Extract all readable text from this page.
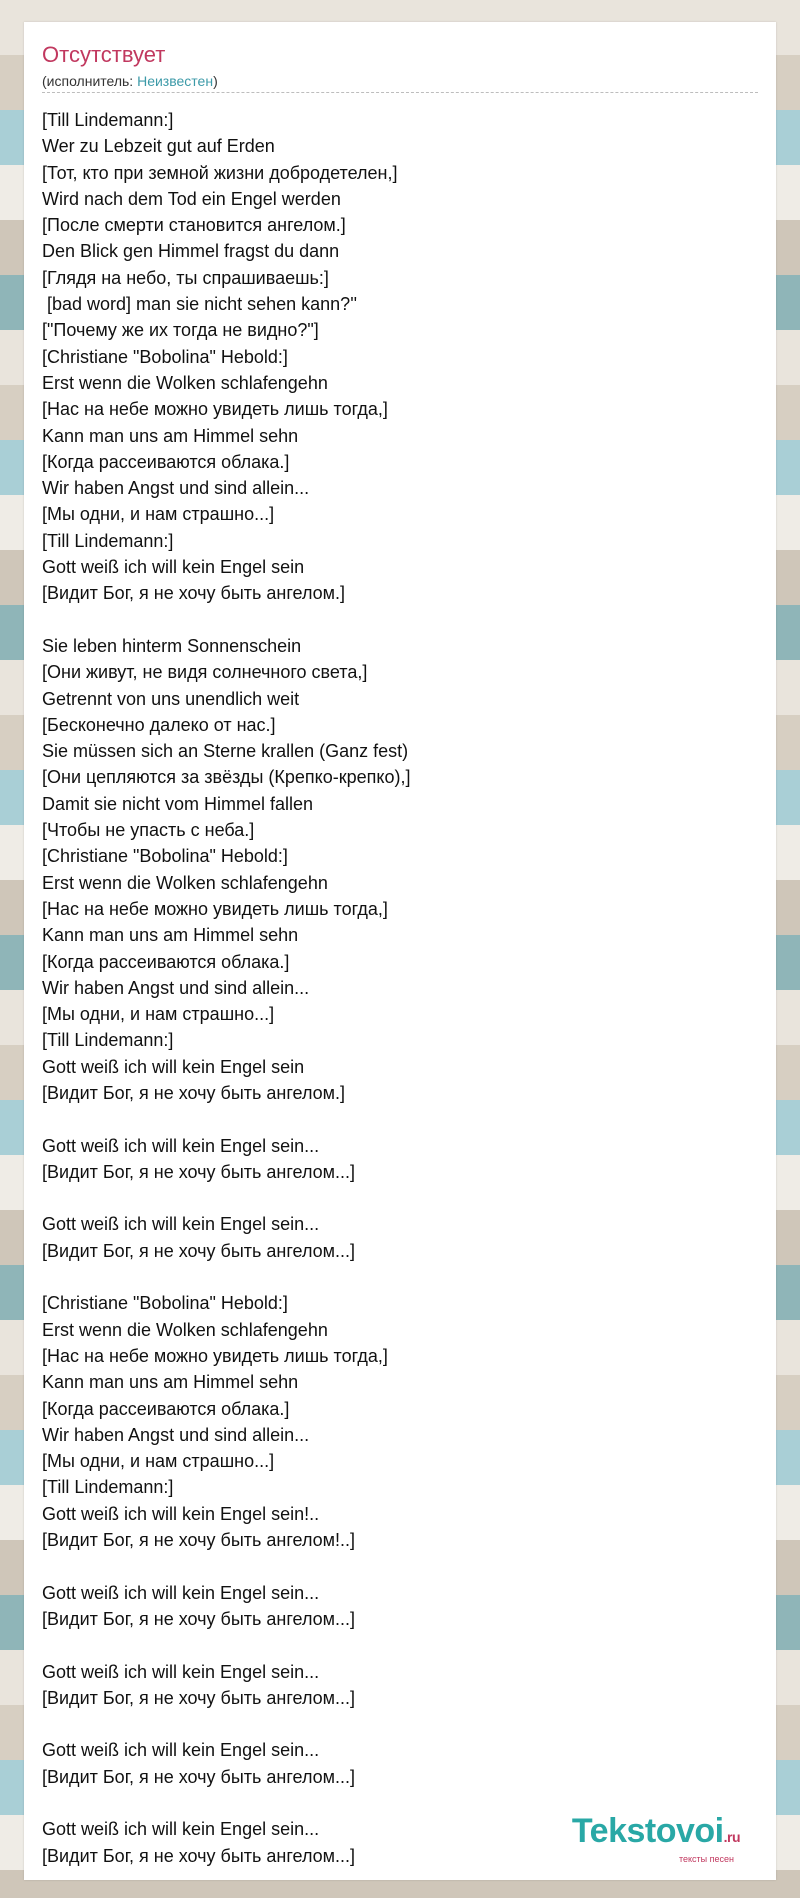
Отсутствует
(исполнитель: Неизвестен)
[Till Lindemann:]
Wer zu Lebzeit gut auf Erden
[Тот, кто при земной жизни добродетелен,]
Wird nach dem Tod ein Engel werden
[После смерти становится ангелом.]
Den Blick gen Himmel fragst du dann
[Глядя на небо, ты спрашиваешь:]
[bad word] man sie nicht sehen kann?''
["Почему же их тогда не видно?"]
[Christiane "Bobolina" Hebold:]
Erst wenn die Wolken schlafengehn
[Нас на небе можно увидеть лишь тогда,]
Kann man uns am Himmel sehn
[Когда рассеиваются облака.]
Wir haben Angst und sind allein...
[Мы одни, и нам страшно...]
[Till Lindemann:]
Gott weiß ich will kein Engel sein
[Видит Бог, я не хочу быть ангелом.]
Sie leben hinterm Sonnenschein
[Они живут, не видя солнечного света,]
Getrennt von uns unendlich weit
[Бесконечно далеко от нас.]
Sie müssen sich an Sterne krallen (Ganz fest)
[Они цепляются за звёзды (Крепко-крепко),]
Damit sie nicht vom Himmel fallen
[Чтобы не упасть с неба.]
[Christiane "Bobolina" Hebold:]
Erst wenn die Wolken schlafengehn
[Нас на небе можно увидеть лишь тогда,]
Kann man uns am Himmel sehn
[Когда рассеиваются облака.]
Wir haben Angst und sind allein...
[Мы одни, и нам страшно...]
[Till Lindemann:]
Gott weiß ich will kein Engel sein
[Видит Бог, я не хочу быть ангелом.]
Gott weiß ich will kein Engel sein...
[Видит Бог, я не хочу быть ангелом...]
Gott weiß ich will kein Engel sein...
[Видит Бог, я не хочу быть ангелом...]
[Christiane "Bobolina" Hebold:]
Erst wenn die Wolken schlafengehn
[Нас на небе можно увидеть лишь тогда,]
Kann man uns am Himmel sehn
[Когда рассеиваются облака.]
Wir haben Angst und sind allein...
[Мы одни, и нам страшно...]
[Till Lindemann:]
Gott weiß ich will kein Engel sein!..
[Видит Бог, я не хочу быть ангелом!..]
Gott weiß ich will kein Engel sein...
[Видит Бог, я не хочу быть ангелом...]
Gott weiß ich will kein Engel sein...
[Видит Бог, я не хочу быть ангелом...]
Gott weiß ich will kein Engel sein...
[Видит Бог, я не хочу быть ангелом...]
Gott weiß ich will kein Engel sein...
[Видит Бог, я не хочу быть ангелом...]
Tekstovoi.ru
тексты песен
